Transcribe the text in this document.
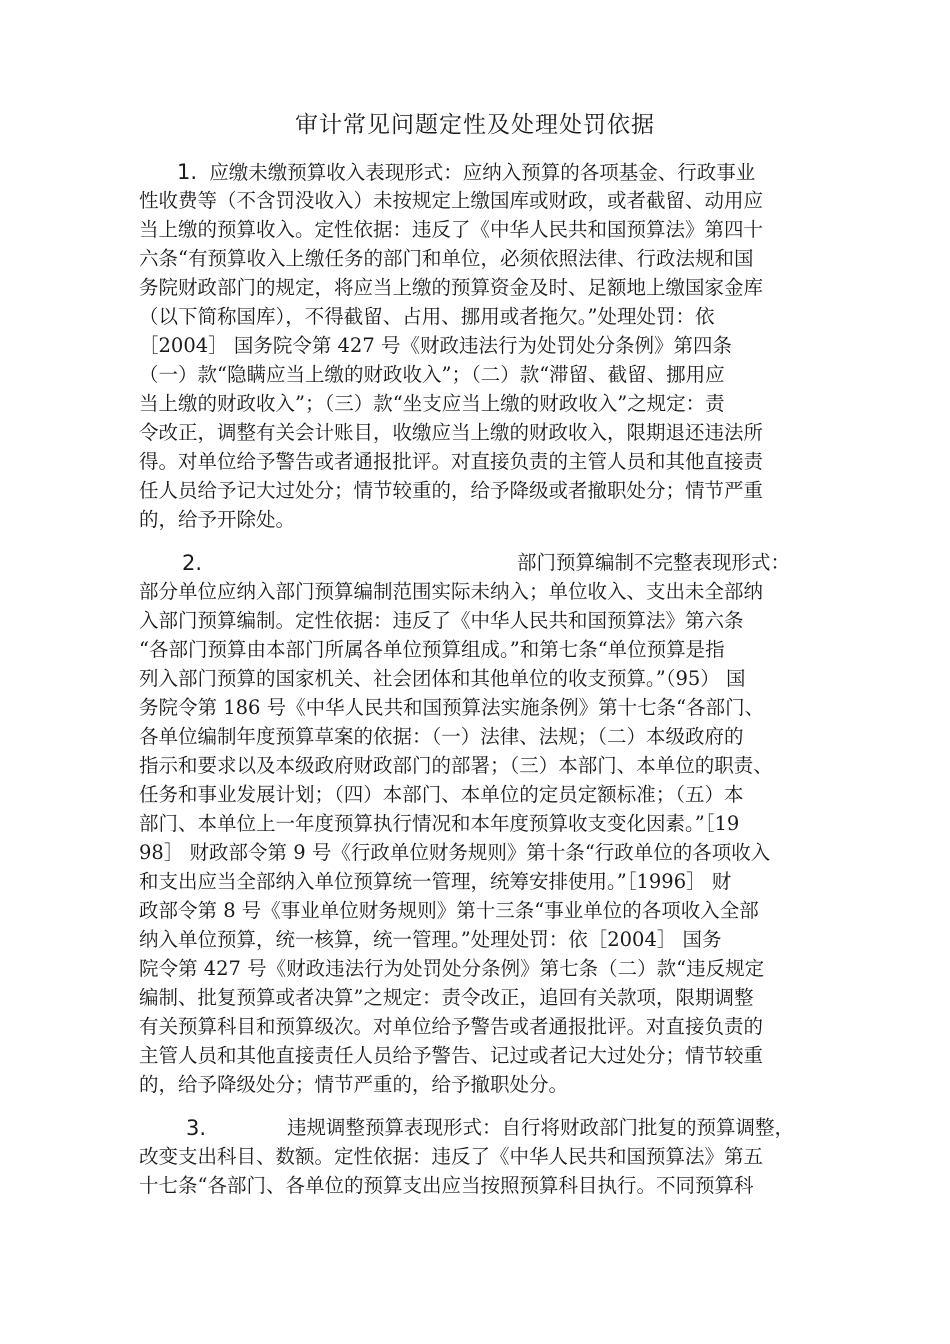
审计常见问题定性及处理处罚依据
1. 应缴未缴预算收入表现形式：应纳入预算的各项基金、行政事业
性收费等（不含罚没收入）未按规定上缴国库或财政，或者截留、动用应
当上缴的预算收入。定性依据：违反了《中华人民共和国预算法》第四十
六条“有预算收入上缴任务的部门和单位，必须依照法律、行政法规和国
务院财政部门的规定，将应当上缴的预算资金及时、足额地上缴国家金库
（以下简称国库），不得截留、占用、挪用或者拖欠。”处理处罚：依
［2004］ 国务院令第 427 号《财政违法行为处罚处分条例》第四条
（一）款“隐瞒应当上缴的财政收入”；（二）款“滞留、截留、挪用应
当上缴的财政收入”；（三）款“坐支应当上缴的财政收入”之规定：责
令改正，调整有关会计账目，收缴应当上缴的财政收入，限期退还违法所
得。对单位给予警告或者通报批评。对直接负责的主管人员和其他直接责
任人员给予记大过处分；情节较重的，给予降级或者撤职处分；情节严重
的，给予开除处。
2.	部门预算编制不完整表现形式：
部分单位应纳入部门预算编制范围实际未纳入；单位收入、支出未全部纳
入部门预算编制。定性依据：违反了《中华人民共和国预算法》第六条
“各部门预算由本部门所属各单位预算组成。”和第七条“单位预算是指
列入部门预算的国家机关、社会团体和其他单位的收支预算。”（95） 国
务院令第 186 号《中华人民共和国预算法实施条例》第十七条“各部门、
各单位编制年度预算草案的依据：（一）法律、法规；（二）本级政府的
指示和要求以及本级政府财政部门的部署；（三）本部门、本单位的职责、
任务和事业发展计划；（四）本部门、本单位的定员定额标准；（五）本
部门、本单位上一年度预算执行情况和本年度预算收支变化因素。”［19
98］ 财政部令第 9 号《行政单位财务规则》第十条“行政单位的各项收入
和支出应当全部纳入单位预算统一管理，统筹安排使用。”［1996］ 财
政部令第 8 号《事业单位财务规则》第十三条“事业单位的各项收入全部
纳入单位预算，统一核算，统一管理。”处理处罚：依［2004］ 国务
院令第 427 号《财政违法行为处罚处分条例》第七条（二）款“违反规定
编制、批复预算或者决算”之规定：责令改正，追回有关款项，限期调整
有关预算科目和预算级次。对单位给予警告或者通报批评。对直接负责的
主管人员和其他直接责任人员给予警告、记过或者记大过处分；情节较重
的，给予降级处分；情节严重的，给予撤职处分。
3.	违规调整预算表现形式：自行将财政部门批复的预算调整，
改变支出科目、数额。定性依据：违反了《中华人民共和国预算法》第五
十七条“各部门、各单位的预算支出应当按照预算科目执行。不同预算科
